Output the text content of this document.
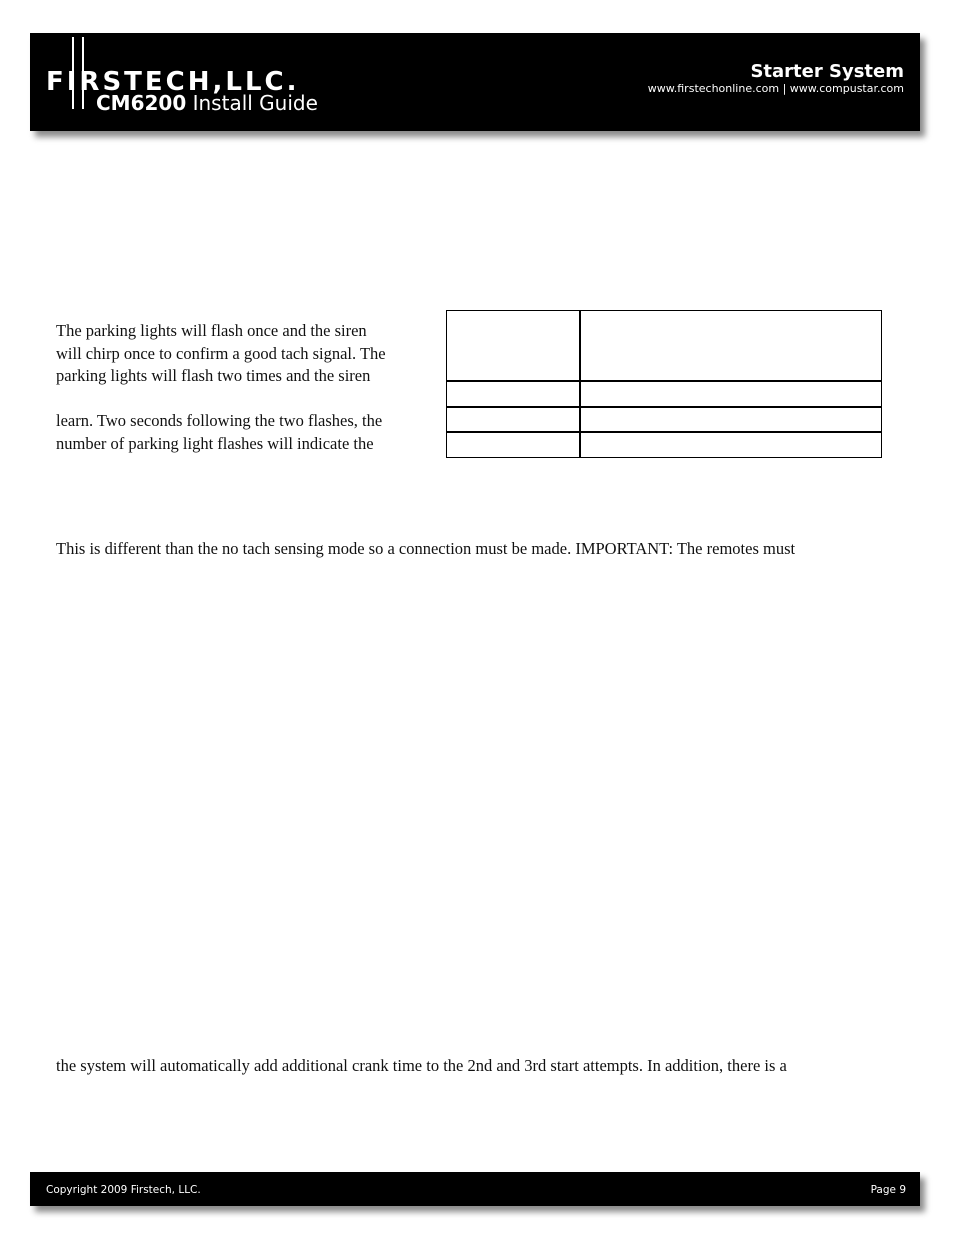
FIRSTECH,LLC.
CM6200 Install Guide
Starter System
www.firstechonline.com | www.compustar.com
The parking lights will flash once and the siren
will chirp once to confirm a good tach signal. The
parking lights will flash two times and the siren
learn. Two seconds following the two flashes, the
number of parking light flashes will indicate the
This is different than the no tach sensing mode so a connection must be made. IMPORTANT: The remotes must
the system will automatically add additional crank time to the 2nd and 3rd start attempts. In addition, there is a
Copyright 2009 Firstech, LLC.	Page 9
